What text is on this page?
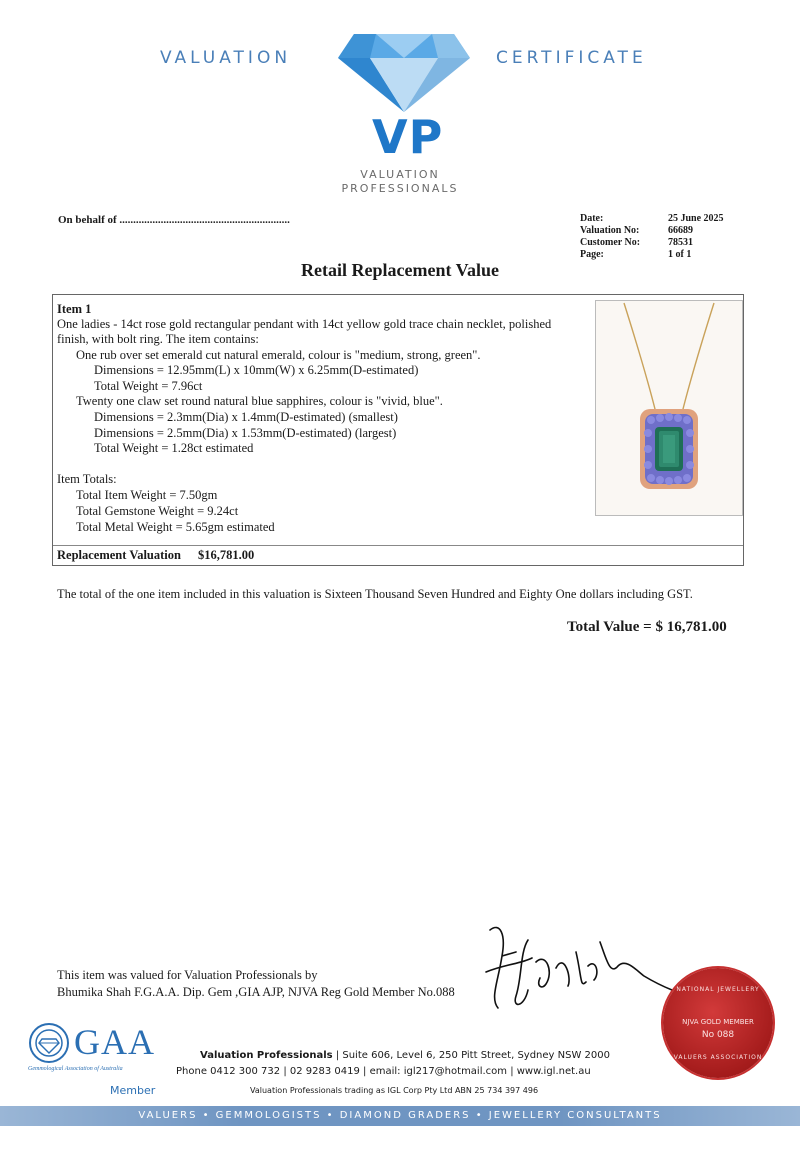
VALUATION	CERTIFICATE
VP
VALUATION
PROFESSIONALS
On behalf of ..............................................................	Date:	25 June 2025
Valuation No:	66689
Customer No:	78531
Page:	1 of 1
Retail Replacement Value
Item 1
One ladies - 14ct rose gold rectangular pendant with 14ct yellow gold trace chain necklet, polished
finish, with bolt ring. The item contains:
One rub over set emerald cut natural emerald, colour is "medium, strong, green".
Dimensions = 12.95mm(L) x 10mm(W) x 6.25mm(D-estimated)
Total Weight = 7.96ct
Twenty one claw set round natural blue sapphires, colour is "vivid, blue".
Dimensions = 2.3mm(Dia) x 1.4mm(D-estimated) (smallest)
Dimensions = 2.5mm(Dia) x 1.53mm(D-estimated) (largest)
Total Weight = 1.28ct estimated
Item Totals:
Total Item Weight = 7.50gm
Total Gemstone Weight = 9.24ct
Total Metal Weight = 5.65gm estimated
Replacement Valuation $16,781.00
The total of the one item included in this valuation is Sixteen Thousand Seven Hundred and Eighty One dollars including GST.
Total Value = $ 16,781.00
This item was valued for Valuation Professionals by
Bhumika Shah F.G.A.A. Dip. Gem ,GIA AJP, NJVA Reg Gold Member No.088
GAA
Gemmological Association of Australia
Member
Valuation Professionals | Suite 606, Level 6, 250 Pitt Street, Sydney NSW 2000
Phone 0412 300 732 | 02 9283 0419 | email: igl217@hotmail.com | www.igl.net.au
Valuation Professionals trading as IGL Corp Pty Ltd ABN 25 734 397 496
NATIONAL JEWELLERY
NJVA GOLD MEMBER
No 088
VALUERS ASSOCIATION
VALUERS • GEMMOLOGISTS • DIAMOND GRADERS • JEWELLERY CONSULTANTS
